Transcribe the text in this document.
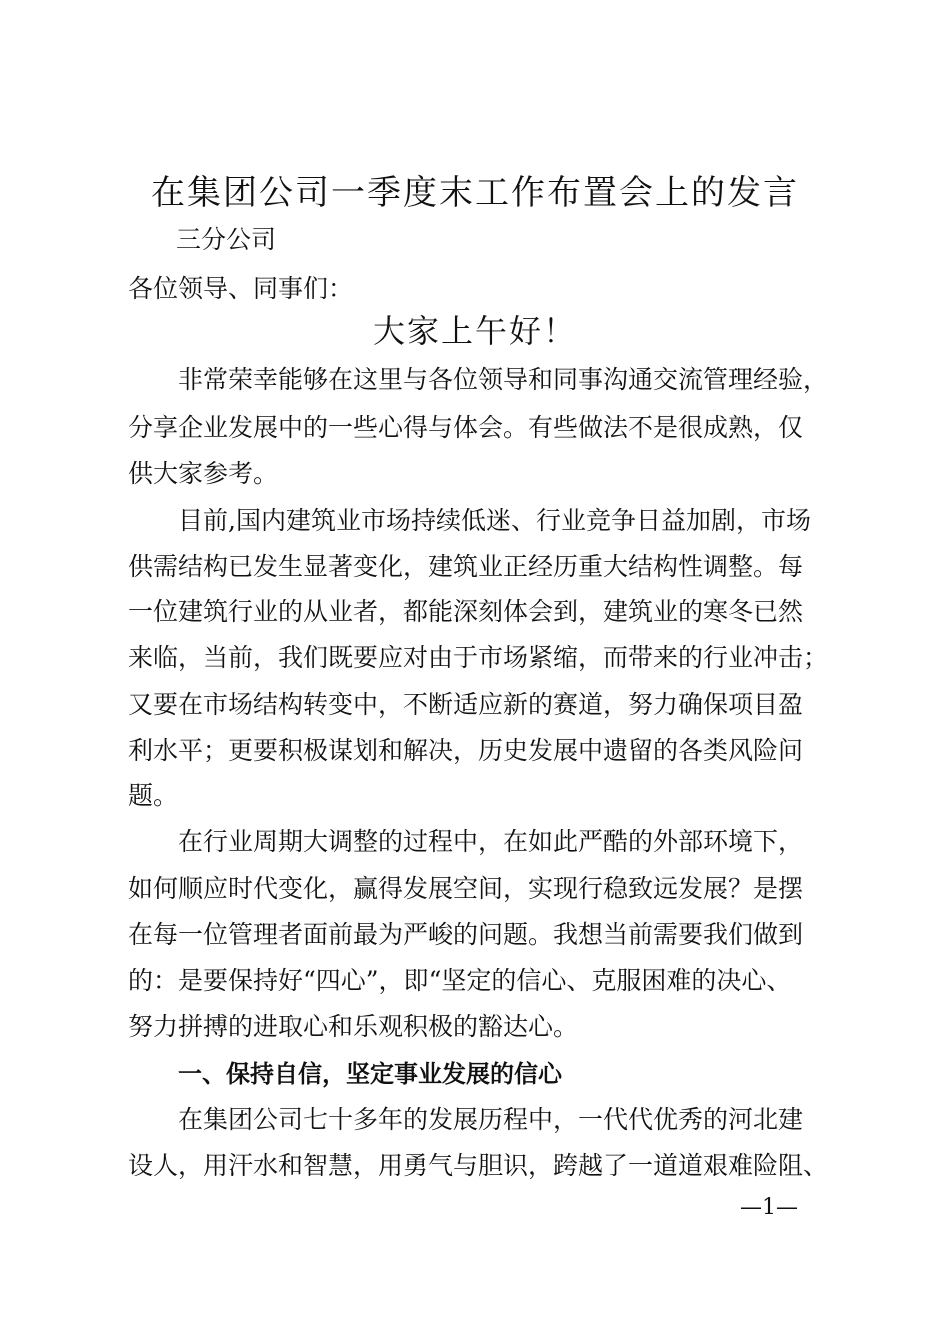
在集团公司一季度末工作布置会上的发言
三分公司
各位领导、同事们：
大家上午好！
非常荣幸能够在这里与各位领导和同事沟通交流管理经验，
分享企业发展中的一些心得与体会。有些做法不是很成熟，仅
供大家参考。
目前,国内建筑业市场持续低迷、行业竞争日益加剧，市场
供需结构已发生显著变化，建筑业正经历重大结构性调整。每
一位建筑行业的从业者，都能深刻体会到，建筑业的寒冬已然
来临，当前，我们既要应对由于市场紧缩，而带来的行业冲击；
又要在市场结构转变中，不断适应新的赛道，努力确保项目盈
利水平；更要积极谋划和解决，历史发展中遗留的各类风险问
题。
在行业周期大调整的过程中，在如此严酷的外部环境下，
如何顺应时代变化，赢得发展空间，实现行稳致远发展？是摆
在每一位管理者面前最为严峻的问题。我想当前需要我们做到
的：是要保持好“四心”，即“坚定的信心、克服困难的决心、
努力拼搏的进取心和乐观积极的豁达心。
一、保持自信，坚定事业发展的信心
在集团公司七十多年的发展历程中，一代代优秀的河北建
设人，用汗水和智慧，用勇气与胆识，跨越了一道道艰难险阻、
—1—
